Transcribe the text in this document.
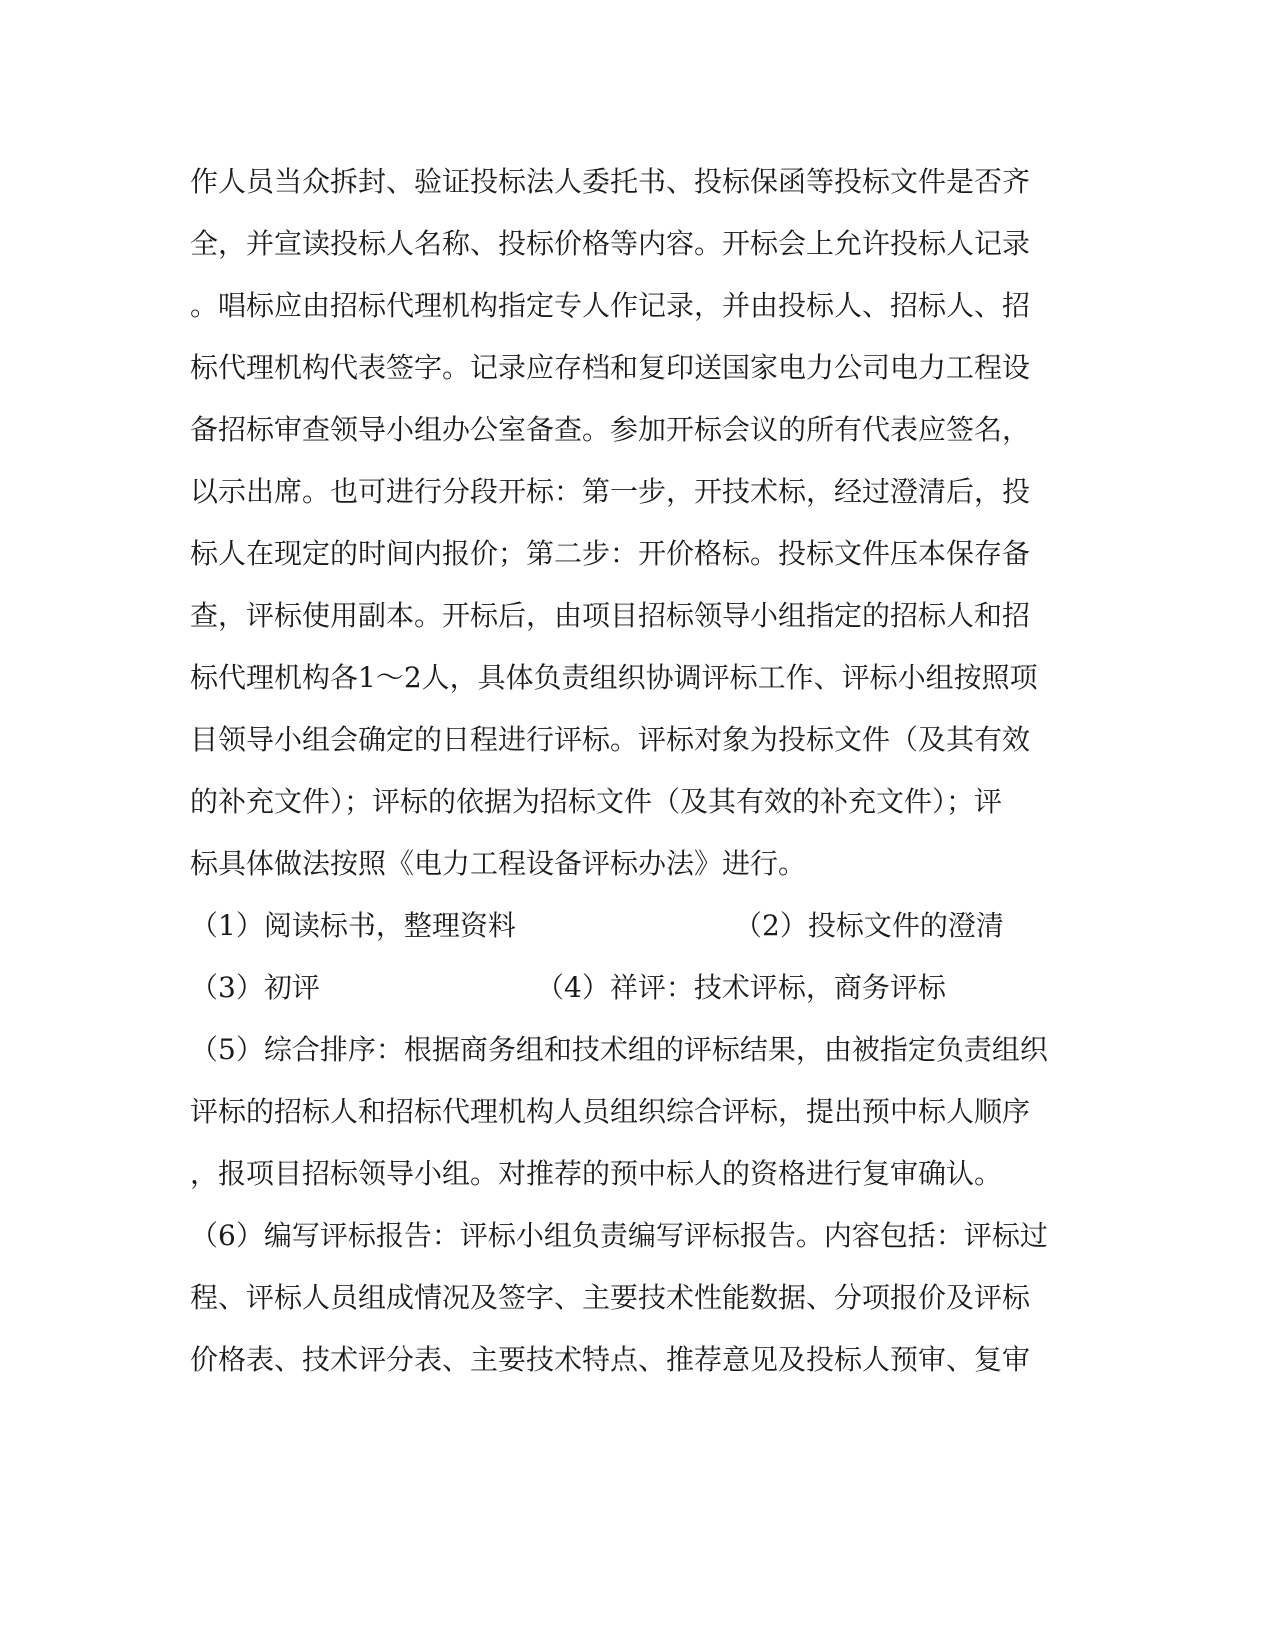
作人员当众拆封、验证投标法人委托书、投标保函等投标文件是否齐
全，并宣读投标人名称、投标价格等内容。开标会上允许投标人记录
。唱标应由招标代理机构指定专人作记录，并由投标人、招标人、招
标代理机构代表签字。记录应存档和复印送国家电力公司电力工程设
备招标审查领导小组办公室备查。参加开标会议的所有代表应签名，
以示出席。也可进行分段开标：第一步，开技术标，经过澄清后，投
标人在现定的时间内报价；第二步：开价格标。投标文件压本保存备
查，评标使用副本。开标后，由项目招标领导小组指定的招标人和招
标代理机构各1～2人，具体负责组织协调评标工作、评标小组按照项
目领导小组会确定的日程进行评标。评标对象为投标文件（及其有效
的补充文件）；评标的依据为招标文件（及其有效的补充文件）；评
标具体做法按照《电力工程设备评标办法》进行。
（1）阅读标书，整理资料	（2）投标文件的澄清
（3）初评	（4）祥评：技术评标，商务评标
（5）综合排序：根据商务组和技术组的评标结果，由被指定负责组织
评标的招标人和招标代理机构人员组织综合评标，提出预中标人顺序
，报项目招标领导小组。对推荐的预中标人的资格进行复审确认。
（6）编写评标报告：评标小组负责编写评标报告。内容包括：评标过
程、评标人员组成情况及签字、主要技术性能数据、分项报价及评标
价格表、技术评分表、主要技术特点、推荐意见及投标人预审、复审
